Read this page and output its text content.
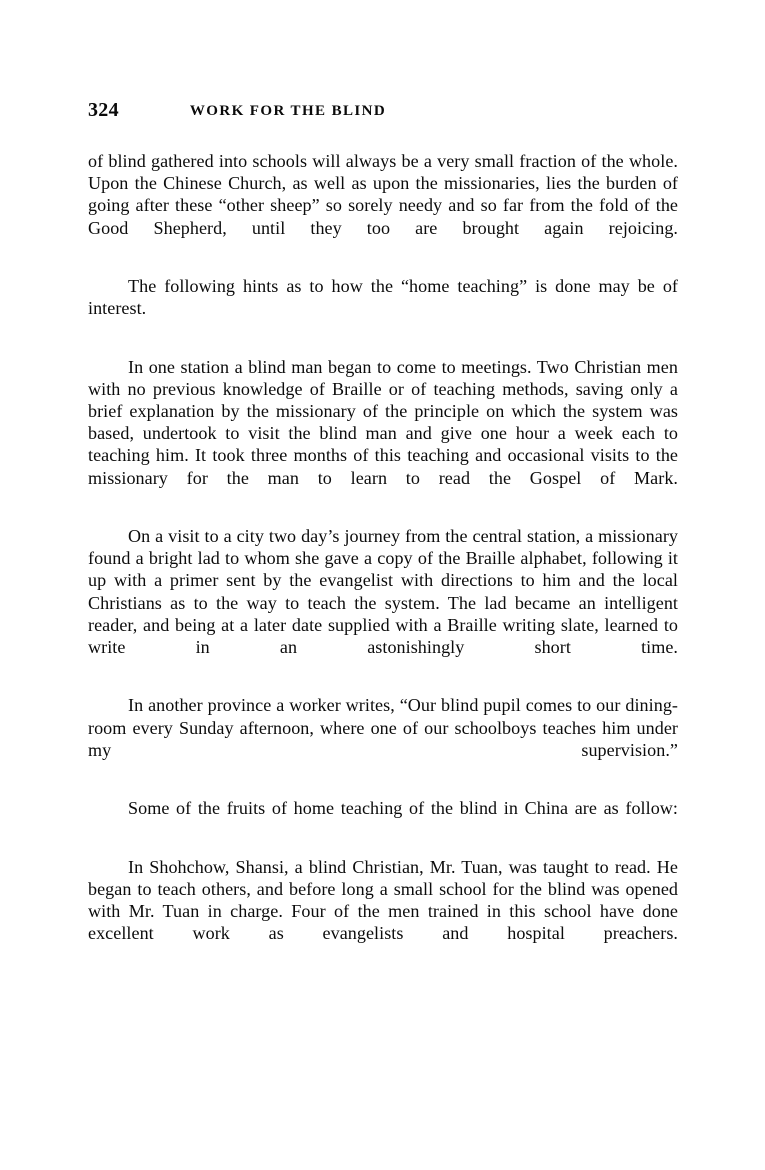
324	WORK FOR THE BLIND

of blind gathered into schools will always be a very small fraction of the whole. Upon the Chinese Church, as well as upon the missionaries, lies the burden of going after these “other sheep” so sorely needy and so far from the fold of the Good Shepherd, until they too are brought again rejoicing.

The following hints as to how the “home teaching” is done may be of interest.

In one station a blind man began to come to meetings. Two Christian men with no previous knowledge of Braille or of teaching methods, saving only a brief explanation by the missionary of the principle on which the system was based, undertook to visit the blind man and give one hour a week each to teaching him. It took three months of this teaching and occasional visits to the missionary for the man to learn to read the Gospel of Mark.

On a visit to a city two day’s journey from the central station, a missionary found a bright lad to whom she gave a copy of the Braille alphabet, following it up with a primer sent by the evangelist with directions to him and the local Christians as to the way to teach the system. The lad became an intelligent reader, and being at a later date supplied with a Braille writing slate, learned to write in an astonishingly short time.

In another province a worker writes, “Our blind pupil comes to our dining-room every Sunday afternoon, where one of our schoolboys teaches him under my supervision.”

Some of the fruits of home teaching of the blind in China are as follow:

In Shohchow, Shansi, a blind Christian, Mr. Tuan, was taught to read. He began to teach others, and before long a small school for the blind was opened with Mr. Tuan in charge. Four of the men trained in this school have done excellent work as evangelists and hospital preachers.
